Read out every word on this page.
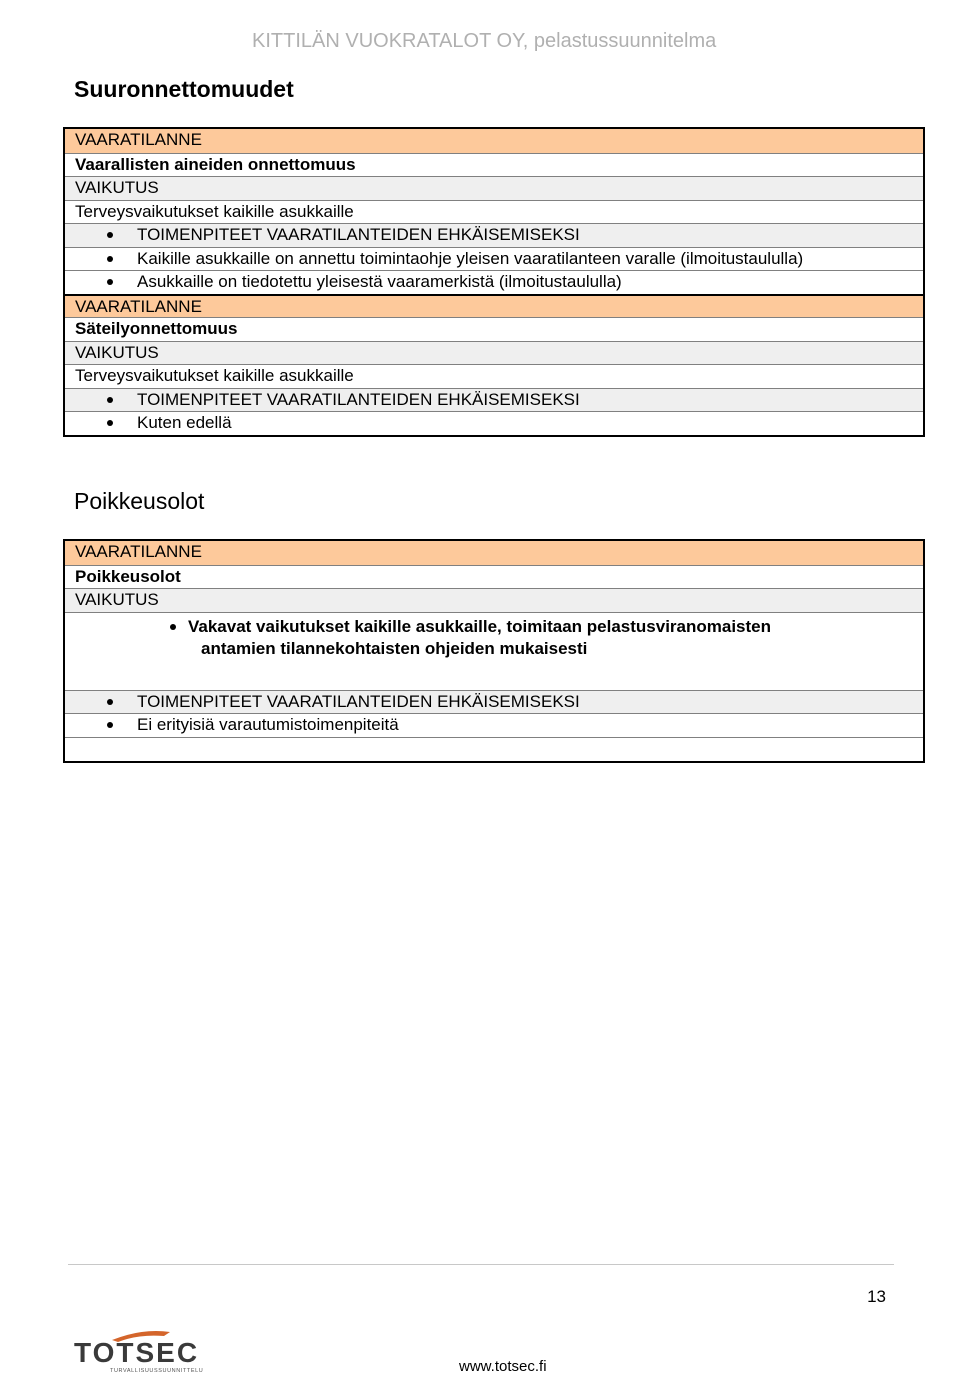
KITTILÄN VUOKRATALOT OY, pelastussuunnitelma
Suuronnettomuudet
VAARATILANNE
Vaarallisten aineiden onnettomuus
VAIKUTUS
Terveysvaikutukset kaikille asukkaille
TOIMENPITEET VAARATILANTEIDEN EHKÄISEMISEKSI
Kaikille asukkaille on annettu toimintaohje yleisen vaaratilanteen varalle (ilmoitustaululla)
Asukkaille on tiedotettu yleisestä vaaramerkistä (ilmoitustaululla)
VAARATILANNE
Säteilyonnettomuus
VAIKUTUS
Terveysvaikutukset kaikille asukkaille
TOIMENPITEET VAARATILANTEIDEN EHKÄISEMISEKSI
Kuten edellä
Poikkeusolot
VAARATILANNE
Poikkeusolot
VAIKUTUS
Vakavat vaikutukset kaikille asukkaille, toimitaan pelastusviranomaisten
antamien tilannekohtaisten ohjeiden mukaisesti
TOIMENPITEET VAARATILANTEIDEN EHKÄISEMISEKSI
Ei erityisiä varautumistoimenpiteitä
13
TOTSEC
TURVALLISUUSSUUNNITTELU	www.totsec.fi
